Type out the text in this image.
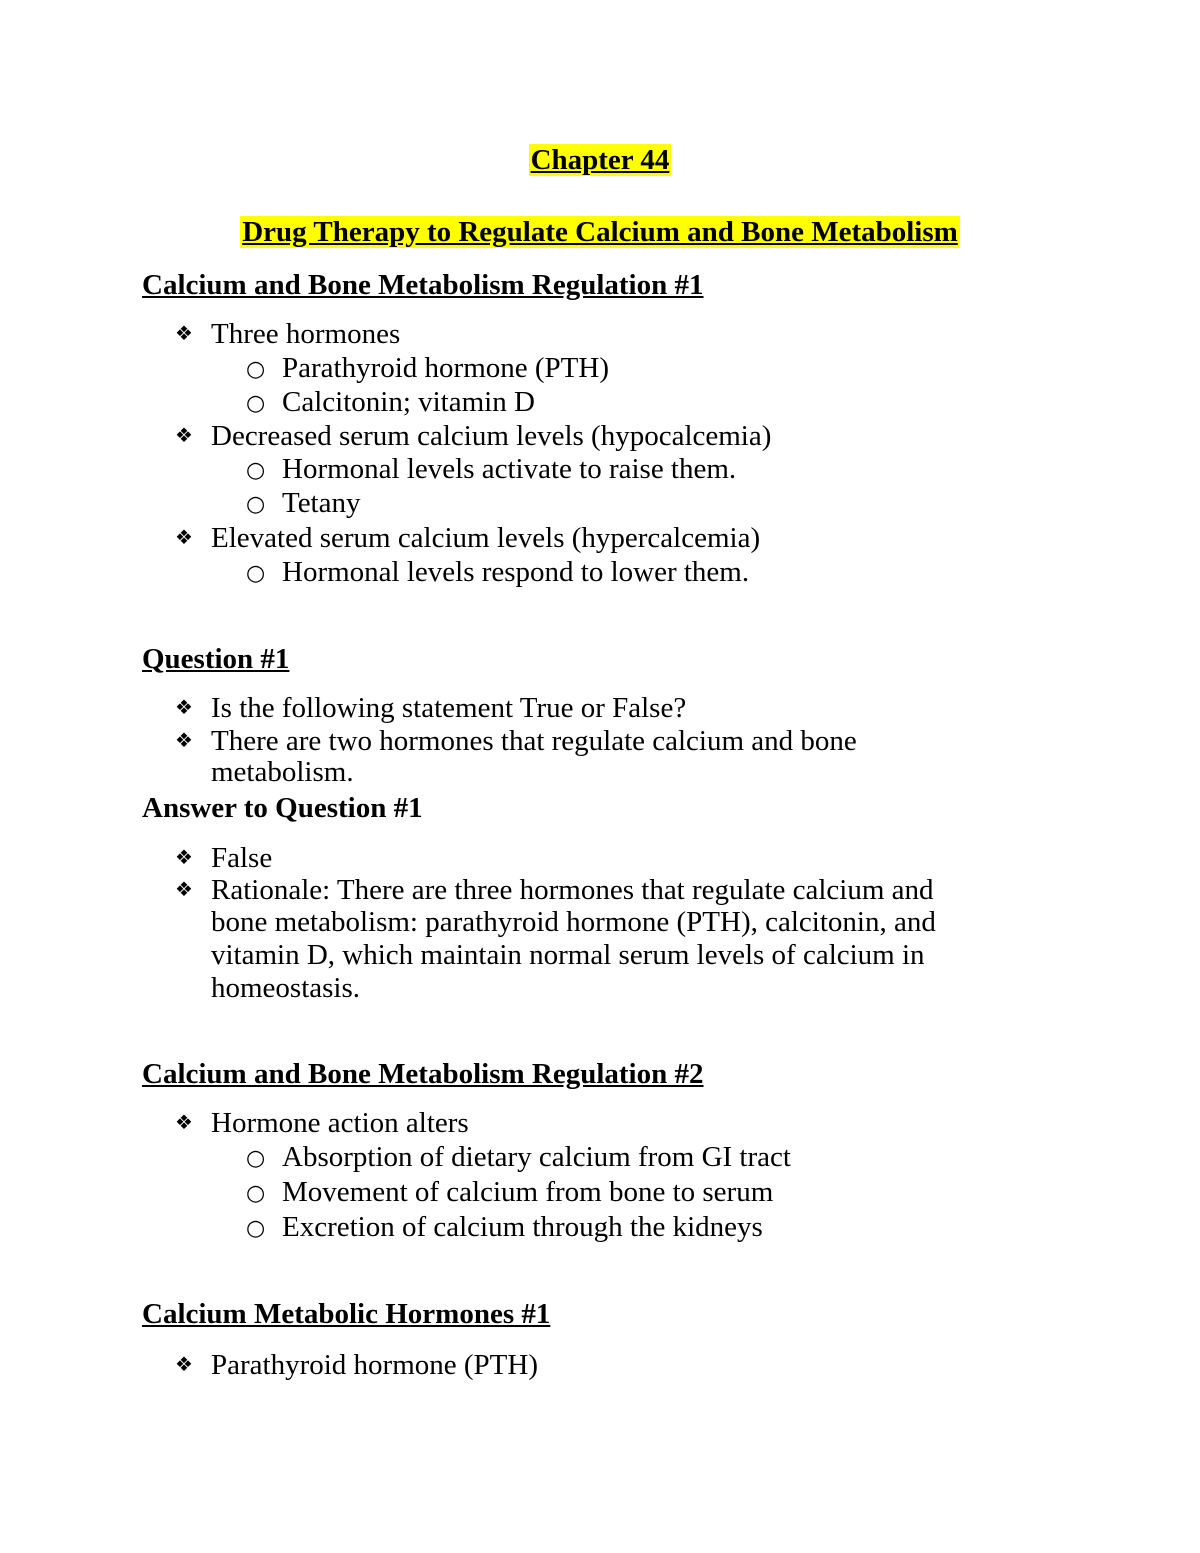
Chapter 44
Drug Therapy to Regulate Calcium and Bone Metabolism
Calcium and Bone Metabolism Regulation #1
❖ Three hormones
○ Parathyroid hormone (PTH)
○ Calcitonin; vitamin D
❖ Decreased serum calcium levels (hypocalcemia)
○ Hormonal levels activate to raise them.
○ Tetany
❖ Elevated serum calcium levels (hypercalcemia)
○ Hormonal levels respond to lower them.
Question #1
❖ Is the following statement True or False?
❖ There are two hormones that regulate calcium and bone
metabolism.
Answer to Question #1
❖ False
❖ Rationale: There are three hormones that regulate calcium and
bone metabolism: parathyroid hormone (PTH), calcitonin, and
vitamin D, which maintain normal serum levels of calcium in
homeostasis.
Calcium and Bone Metabolism Regulation #2
❖ Hormone action alters
○ Absorption of dietary calcium from GI tract
○ Movement of calcium from bone to serum
○ Excretion of calcium through the kidneys
Calcium Metabolic Hormones #1
❖ Parathyroid hormone (PTH)
